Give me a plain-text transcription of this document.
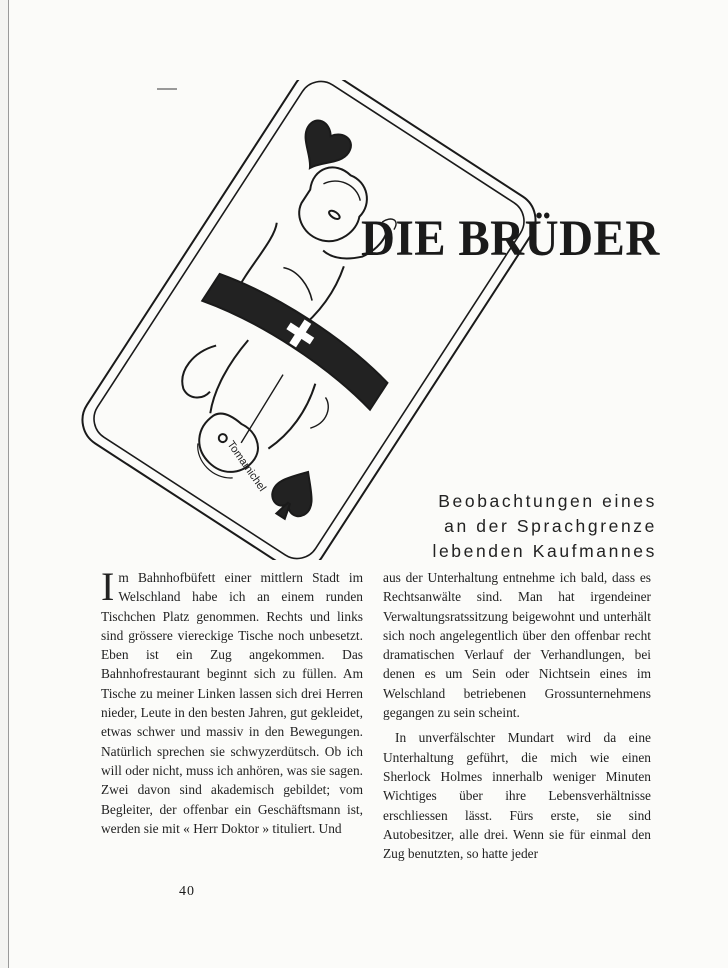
Tomamichel
DIE BRÜDER
Beobachtungen eines
an der Sprachgrenze
lebenden Kaufmannes
I m Bahnhofbüfett einer mittlern Stadt im Welschland habe ich an einem runden Tischchen Platz genommen. Rechts und links sind grössere viereckige Tische noch unbesetzt. Eben ist ein Zug angekommen. Das Bahnhofrestaurant beginnt sich zu füllen. Am Tische zu meiner Linken lassen sich drei Herren nieder, Leute in den besten Jahren, gut gekleidet, etwas schwer und massiv in den Bewegungen. Natürlich sprechen sie schwyzerdütsch. Ob ich will oder nicht, muss ich anhören, was sie sagen. Zwei davon sind akademisch gebildet; vom Begleiter, der offenbar ein Geschäftsmann ist, werden sie mit « Herr Doktor » tituliert. Und

aus der Unterhaltung entnehme ich bald, dass es Rechtsanwälte sind. Man hat irgendeiner Verwaltungsratssitzung beigewohnt und unterhält sich noch angelegentlich über den offenbar recht dramatischen Verlauf der Verhandlungen, bei denen es um Sein oder Nichtsein eines im Welschland betriebenen Grossunternehmens gegangen zu sein scheint.

In unverfälschter Mundart wird da eine Unterhaltung geführt, die mich wie einen Sherlock Holmes innerhalb weniger Minuten Wichtiges über ihre Lebensverhältnisse erschliessen lässt. Fürs erste, sie sind Autobesitzer, alle drei. Wenn sie für einmal den Zug benutzten, so hatte jeder

40
